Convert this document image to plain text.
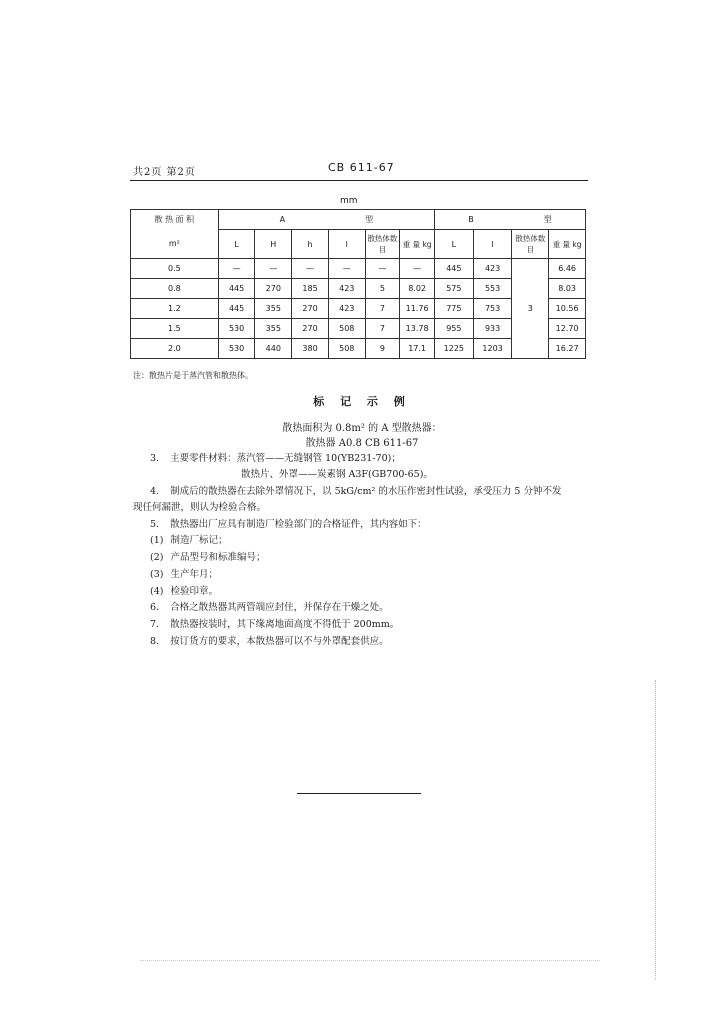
共2页 第2页	CB 611-67
mm
散 热 面 积	A 型						B 型			
m²	L	H	h	l	散热体数 目	重 量 kg	L	l	散热体数 目	重 量 kg
0.5	—	—	—	—	—	—	445	423	3	6.46
0.8	445	270	185	423	5	8.02	575	553		8.03
1.2	445	355	270	423	7	11.76	775	753		10.56
1.5	530	355	270	508	7	13.78	955	933		12.70
2.0	530	440	380	508	9	17.1	1225	1203		16.27
注：散热片是于蒸汽管和散热体。
标 记 示 例
散热面积为 0.8m² 的 A 型散热器：
散热器 A0.8 CB 611-67
3. 主要零件材料：蒸汽管——无缝钢管 10(YB231-70)；
散热片、外罩——炭素钢 A3F(GB700-65)。
4. 制成后的散热器在去除外罩情况下，以 5kG/cm² 的水压作密封性试验，承受压力 5 分钟不发
现任何漏泄，则认为检验合格。
5. 散热器出厂应具有制造厂检验部门的合格证件，其内容如下：
(1) 制造厂标记；
(2) 产品型号和标准编号；
(3) 生产年月；
(4) 检验印章。
6. 合格之散热器其两管端应封住，并保存在干燥之处。
7. 散热器按装时，其下缘离地面高度不得低于 200mm。
8. 按订货方的要求，本散热器可以不与外罩配套供应。
